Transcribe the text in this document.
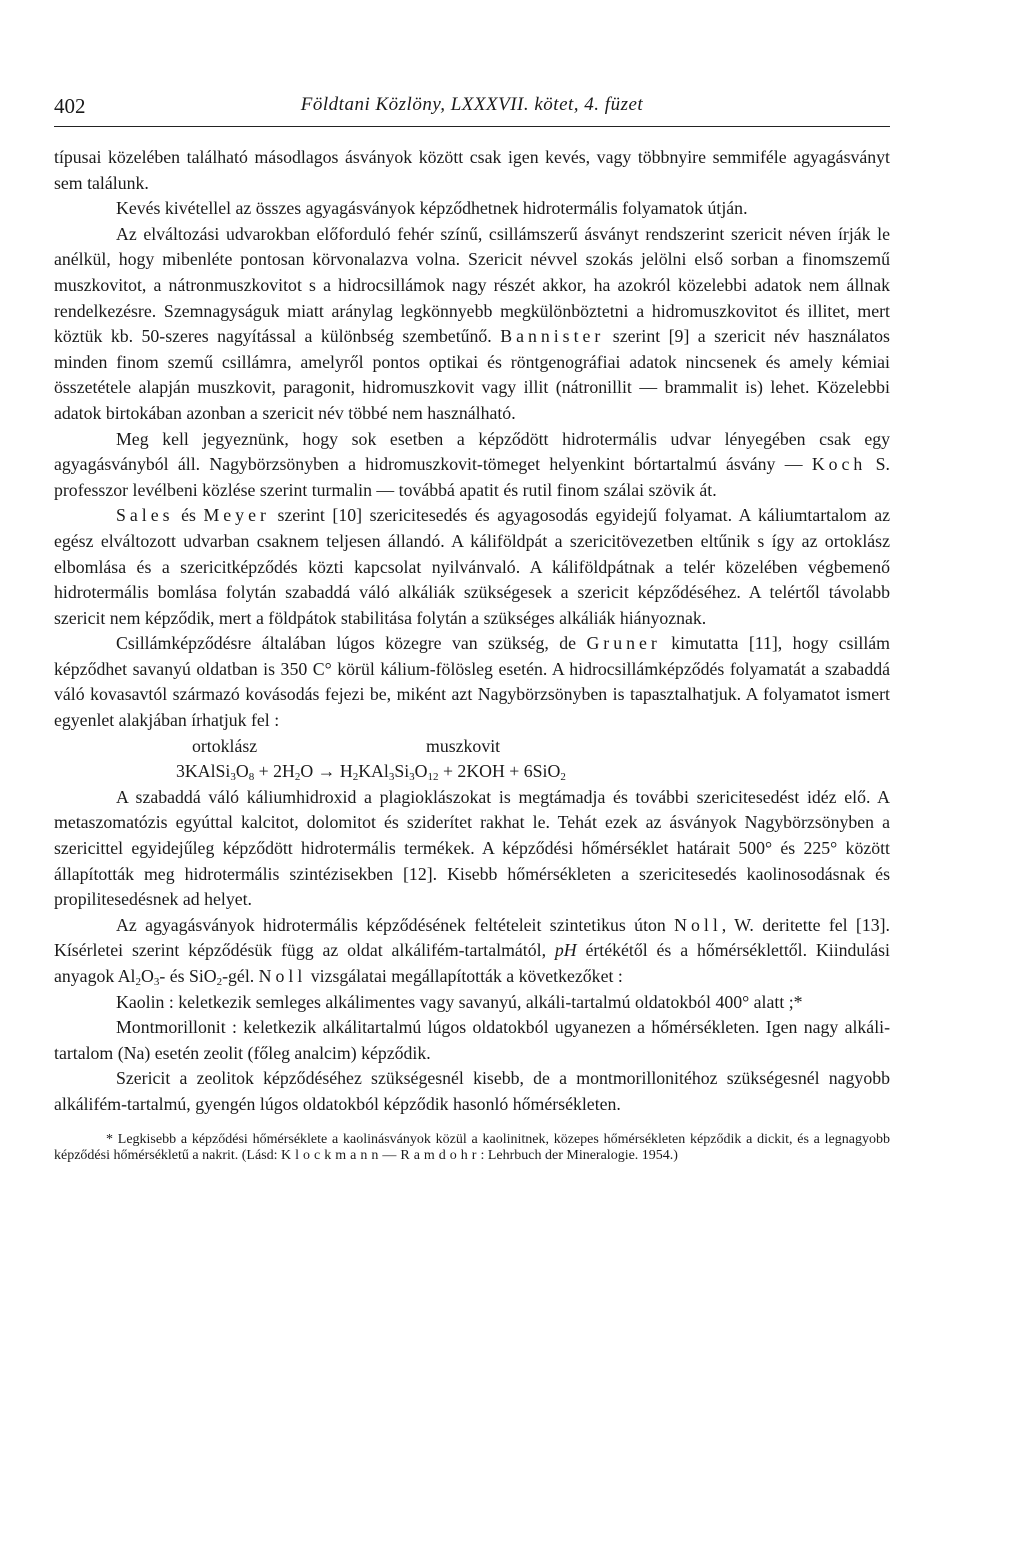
402	Földtani Közlöny, LXXXVII. kötet, 4. füzet

típusai közelében található másodlagos ásványok között csak igen kevés, vagy többnyire semmiféle agyagásványt sem találunk.

Kevés kivétellel az összes agyagásványok képződhetnek hidrotermális folyamatok útján.

Az elváltozási udvarokban előforduló fehér színű, csillámszerű ásványt rendszerint szericit néven írják le anélkül, hogy mibenléte pontosan körvonalazva volna. Szericit névvel szokás jelölni első sorban a finomszemű muszkovitot, a nátronmuszkovitot s a hidrocsillámok nagy részét akkor, ha azokról közelebbi adatok nem állnak rendelkezésre. Szemnagyságuk miatt aránylag legkönnyebb megkülönböztetni a hidromuszkovitot és illitet, mert köztük kb. 50-szeres nagyítással a különbség szembetűnő. Bannister szerint [9] a szericit név használatos minden finom szemű csillámra, amelyről pontos optikai és röntgenográfiai adatok nincsenek és amely kémiai összetétele alapján muszkovit, paragonit, hidromuszkovit vagy illit (nátronillit — brammalit is) lehet. Közelebbi adatok birtokában azonban a szericit név többé nem használható.

Meg kell jegyeznünk, hogy sok esetben a képződött hidrotermális udvar lényegében csak egy agyagásványból áll. Nagybörzsönyben a hidromuszkovit-tömeget helyenkint bórtartalmú ásvány — Koch S. professzor levélbeni közlése szerint turmalin — továbbá apatit és rutil finom szálai szövik át.

Sales és Meyer szerint [10] szericitesedés és agyagosodás egyidejű folyamat. A káliumtartalom az egész elváltozott udvarban csaknem teljesen állandó. A káliföldpát a szericitövezetben eltűnik s így az ortoklász elbomlása és a szericitképződés közti kapcsolat nyilvánvaló. A káliföldpátnak a telér közelében végbemenő hidrotermális bomlása folytán szabaddá váló alkáliák szükségesek a szericit képződéséhez. A telértől távolabb szericit nem képződik, mert a földpátok stabilitása folytán a szükséges alkáliák hiányoznak.

Csillámképződésre általában lúgos közegre van szükség, de Gruner kimutatta [11], hogy csillám képződhet savanyú oldatban is 350 C° körül kálium-fölösleg esetén. A hidrocsillámképződés folyamatát a szabaddá váló kovasavtól származó kovásodás fejezi be, miként azt Nagybörzsönyben is tapasztalhatjuk. A folyamatot ismert egyenlet alakjában írhatjuk fel :

ortoklász	muszkovit
$3KAlSi_3O_8 + 2H_2O \to H_2KAl_3Si_3O_{12} + 2KOH + 6SiO_2$

A szabaddá váló káliumhidroxid a plagioklászokat is megtámadja és további szericitesedést idéz elő. A metaszomatózis egyúttal kalcitot, dolomitot és sziderítet rakhat le. Tehát ezek az ásványok Nagybörzsönyben a szericittel egyidejűleg képződött hidrotermális termékek. A képződési hőmérséklet határait 500° és 225° között állapították meg hidrotermális szintézisekben [12]. Kisebb hőmérsékleten a szericitesedés kaolinosodásnak és propilitesedésnek ad helyet.

Az agyagásványok hidrotermális képződésének feltételeit szintetikus úton Noll, W. deritette fel [13]. Kísérletei szerint képződésük függ az oldat alkálifém-tartalmától, pH értékétől és a hőmérséklettől. Kiindulási anyagok $Al_2O_3-$ és SiO$_2$-gél. Noll vizsgálatai megállapították a következőket :

Kaolin : keletkezik semleges alkálimentes vagy savanyú, alkáli-tartalmú oldatokból 400° alatt ;*

Montmorillonit : keletkezik alkálitartalmú lúgos oldatokból ugyanezen a hőmérsékleten. Igen nagy alkáli-tartalom (Na) esetén zeolit (főleg analcim) képződik.

Szericit a zeolitok képződéséhez szükségesnél kisebb, de a montmorillonitéhoz szükségesnél nagyobb alkálifém-tartalmú, gyengén lúgos oldatokból képződik hasonló hőmérsékleten.

* Legkisebb a képződési hőmérséklete a kaolinásványok közül a kaolinitnek, közepes hőmérsékleten képződik a dickit, és a legnagyobb képződési hőmérsékletű a nakrit. (Lásd: Klockmann—Ramdohr: Lehrbuch der Mineralogie. 1954.)
